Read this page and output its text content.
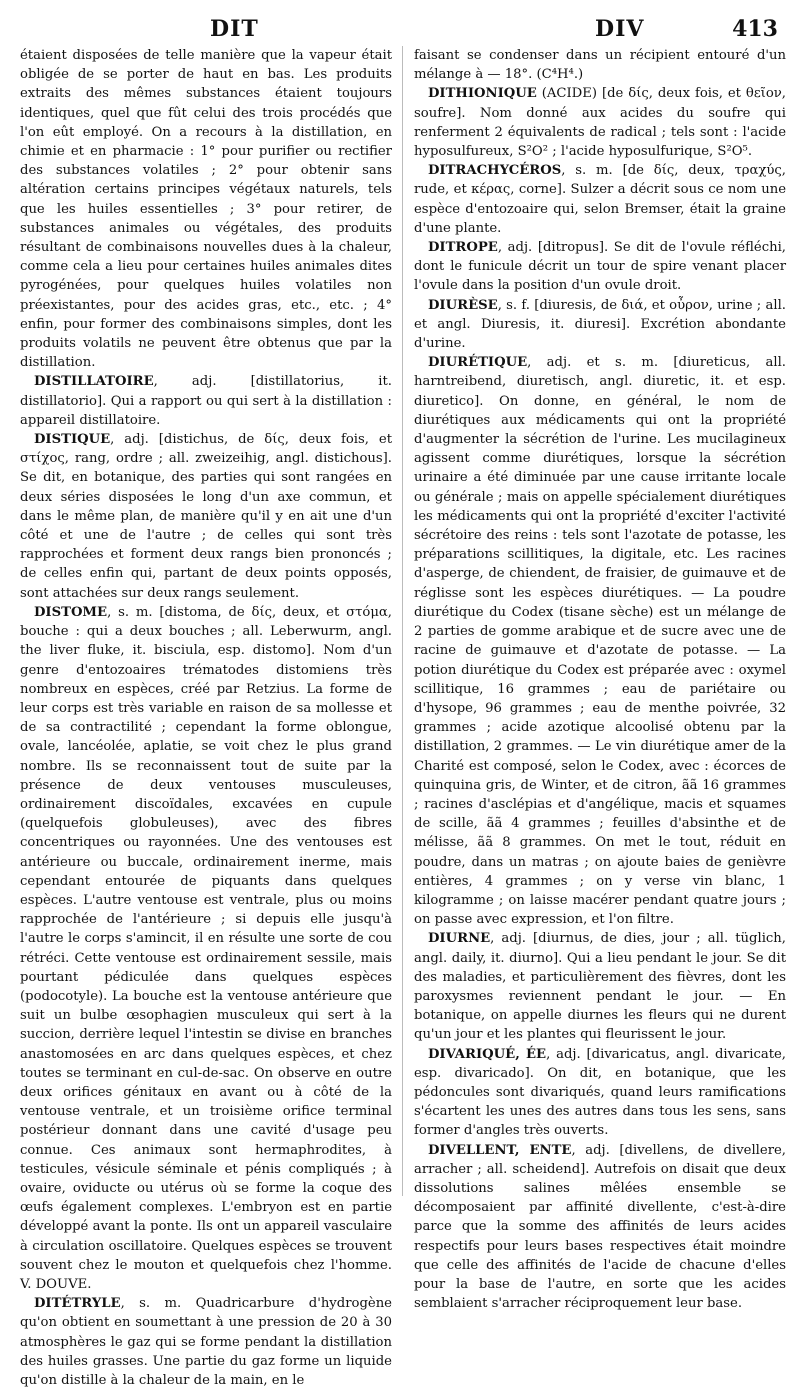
DIT	DIV	413

étaient disposées de telle manière que la vapeur était obligée de se porter de haut en bas. Les produits extraits des mêmes substances étaient toujours identiques, quel que fût celui des trois procédés que l'on eût employé. On a recours à la distillation, en chimie et en pharmacie : 1° pour purifier ou rectifier des substances volatiles ; 2° pour obtenir sans altération certains principes végétaux naturels, tels que les huiles essentielles ; 3° pour retirer, de substances animales ou végétales, des produits résultant de combinaisons nouvelles dues à la chaleur, comme cela a lieu pour certaines huiles animales dites pyrogénées, pour quelques huiles volatiles non préexistantes, pour des acides gras, etc., etc. ; 4° enfin, pour former des combinaisons simples, dont les produits volatils ne peuvent être obtenus que par la distillation.

DISTILLATOIRE, adj. [distillatorius, it. distillatorio]. Qui a rapport ou qui sert à la distillation : appareil distillatoire.

DISTIQUE, adj. [distichus, de δίς, deux fois, et στίχος, rang, ordre ; all. zweizeihig, angl. distichous]. Se dit, en botanique, des parties qui sont rangées en deux séries disposées le long d'un axe commun, et dans le même plan, de manière qu'il y en ait une d'un côté et une de l'autre ; de celles qui sont très rapprochées et forment deux rangs bien prononcés ; de celles enfin qui, partant de deux points opposés, sont attachées sur deux rangs seulement.

DISTOME, s. m. [distoma, de δίς, deux, et στόμα, bouche : qui a deux bouches ; all. Leberwurm, angl. the liver fluke, it. bisciula, esp. distomo]. Nom d'un genre d'entozoaires trématodes distomiens très nombreux en espèces, créé par Retzius. La forme de leur corps est très variable en raison de sa mollesse et de sa contractilité ; cependant la forme oblongue, ovale, lancéolée, aplatie, se voit chez le plus grand nombre. Ils se reconnaissent tout de suite par la présence de deux ventouses musculeuses, ordinairement discoïdales, excavées en cupule (quelquefois globuleuses), avec des fibres concentriques ou rayonnées. Une des ventouses est antérieure ou buccale, ordinairement inerme, mais cependant entourée de piquants dans quelques espèces. L'autre ventouse est ventrale, plus ou moins rapprochée de l'antérieure ; si depuis elle jusqu'à l'autre le corps s'amincit, il en résulte une sorte de cou rétréci. Cette ventouse est ordinairement sessile, mais pourtant pédiculée dans quelques espèces (podocotyle). La bouche est la ventouse antérieure que suit un bulbe œsophagien musculeux qui sert à la succion, derrière lequel l'intestin se divise en branches anastomosées en arc dans quelques espèces, et chez toutes se terminant en cul-de-sac. On observe en outre deux orifices génitaux en avant ou à côté de la ventouse ventrale, et un troisième orifice terminal postérieur donnant dans une cavité d'usage peu connue. Ces animaux sont hermaphrodites, à testicules, vésicule séminale et pénis compliqués ; à ovaire, oviducte ou utérus où se forme la coque des œufs également complexes. L'embryon est en partie développé avant la ponte. Ils ont un appareil vasculaire à circulation oscillatoire. Quelques espèces se trouvent souvent chez le mouton et quelquefois chez l'homme. V. DOUVE.

DITÉTRYLE, s. m. Quadricarbure d'hydrogène qu'on obtient en soumettant à une pression de 20 à 30 atmosphères le gaz qui se forme pendant la distillation des huiles grasses. Une partie du gaz forme un liquide qu'on distille à la chaleur de la main, en le

faisant se condenser dans un récipient entouré d'un mélange à — 18°. (C⁴H⁴.)

DITHIONIQUE (ACIDE) [de δίς, deux fois, et θεῖον, soufre]. Nom donné aux acides du soufre qui renferment 2 équivalents de radical ; tels sont : l'acide hyposulfureux, S²O² ; l'acide hyposulfurique, S²O⁵.

DITRACHYCÉROS, s. m. [de δίς, deux, τραχύς, rude, et κέρας, corne]. Sulzer a décrit sous ce nom une espèce d'entozoaire qui, selon Bremser, était la graine d'une plante.

DITROPE, adj. [ditropus]. Se dit de l'ovule réfléchi, dont le funicule décrit un tour de spire venant placer l'ovule dans la position d'un ovule droit.

DIURÈSE, s. f. [diuresis, de διά, et οὖρον, urine ; all. et angl. Diuresis, it. diuresi]. Excrétion abondante d'urine.

DIURÉTIQUE, adj. et s. m. [diureticus, all. harntreibend, diuretisch, angl. diuretic, it. et esp. diuretico]. On donne, en général, le nom de diurétiques aux médicaments qui ont la propriété d'augmenter la sécrétion de l'urine. Les mucilagineux agissent comme diurétiques, lorsque la sécrétion urinaire a été diminuée par une cause irritante locale ou générale ; mais on appelle spécialement diurétiques les médicaments qui ont la propriété d'exciter l'activité sécrétoire des reins : tels sont l'azotate de potasse, les préparations scillitiques, la digitale, etc. Les racines d'asperge, de chiendent, de fraisier, de guimauve et de réglisse sont les espèces diurétiques. — La poudre diurétique du Codex (tisane sèche) est un mélange de 2 parties de gomme arabique et de sucre avec une de racine de guimauve et d'azotate de potasse. — La potion diurétique du Codex est préparée avec : oxymel scillitique, 16 grammes ; eau de pariétaire ou d'hysope, 96 grammes ; eau de menthe poivrée, 32 grammes ; acide azotique alcoolisé obtenu par la distillation, 2 grammes. — Le vin diurétique amer de la Charité est composé, selon le Codex, avec : écorces de quinquina gris, de Winter, et de citron, ãã 16 grammes ; racines d'asclépias et d'angélique, macis et squames de scille, ãã 4 grammes ; feuilles d'absinthe et de mélisse, ãã 8 grammes. On met le tout, réduit en poudre, dans un matras ; on ajoute baies de genièvre entières, 4 grammes ; on y verse vin blanc, 1 kilogramme ; on laisse macérer pendant quatre jours ; on passe avec expression, et l'on filtre.

DIURNE, adj. [diurnus, de dies, jour ; all. tüglich, angl. daily, it. diurno]. Qui a lieu pendant le jour. Se dit des maladies, et particulièrement des fièvres, dont les paroxysmes reviennent pendant le jour. — En botanique, on appelle diurnes les fleurs qui ne durent qu'un jour et les plantes qui fleurissent le jour.

DIVARIQUÉ, ÉE, adj. [divaricatus, angl. divaricate, esp. divaricado]. On dit, en botanique, que les pédoncules sont divariqués, quand leurs ramifications s'écartent les unes des autres dans tous les sens, sans former d'angles très ouverts.

DIVELLENT, ENTE, adj. [divellens, de divellere, arracher ; all. scheidend]. Autrefois on disait que deux dissolutions salines mêlées ensemble se décomposaient par affinité divellente, c'est-à-dire parce que la somme des affinités de leurs acides respectifs pour leurs bases respectives était moindre que celle des affinités de l'acide de chacune d'elles pour la base de l'autre, en sorte que les acides semblaient s'arracher réciproquement leur base.
